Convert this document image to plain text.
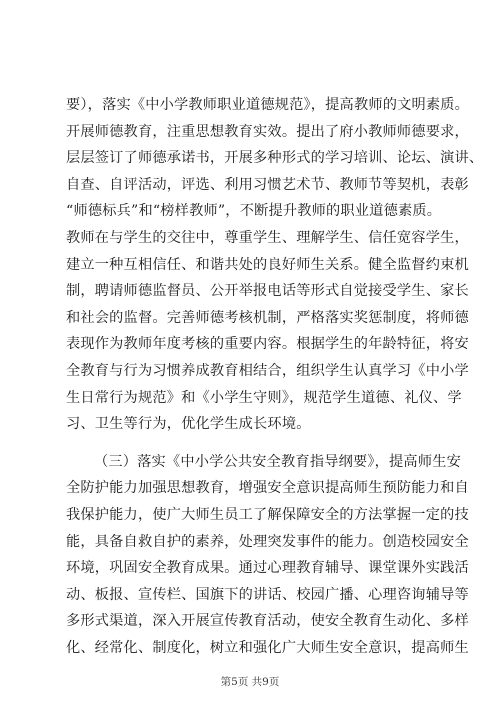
要），落实《中小学教师职业道德规范》，提高教师的文明素质。
开展师德教育，注重思想教育实效。提出了府小教师师德要求，
层层签订了师德承诺书，开展多种形式的学习培训、论坛、演讲、
自查、自评活动，评选、利用习惯艺术节、教师节等契机，表彰
“师德标兵”和“榜样教师”，不断提升教师的职业道德素质。
教师在与学生的交往中，尊重学生、理解学生、信任宽容学生，
建立一种互相信任、和谐共处的良好师生关系。健全监督约束机
制，聘请师德监督员、公开举报电话等形式自觉接受学生、家长
和社会的监督。完善师德考核机制，严格落实奖惩制度，将师德
表现作为教师年度考核的重要内容。根据学生的年龄特征，将安
全教育与行为习惯养成教育相结合，组织学生认真学习《中小学
生日常行为规范》和《小学生守则》，规范学生道德、礼仪、学
习、卫生等行为，优化学生成长环境。
（三）落实《中小学公共安全教育指导纲要》，提高师生安
全防护能力加强思想教育，增强安全意识提高师生预防能力和自
我保护能力，使广大师生员工了解保障安全的方法掌握一定的技
能，具备自救自护的素养，处理突发事件的能力。创造校园安全
环境，巩固安全教育成果。通过心理教育辅导、课堂课外实践活
动、板报、宣传栏、国旗下的讲话、校园广播、心理咨询辅导等
多形式渠道，深入开展宣传教育活动，使安全教育生动化、多样
化、经常化、制度化，树立和强化广大师生安全意识，提高师生
第5页 共9页
